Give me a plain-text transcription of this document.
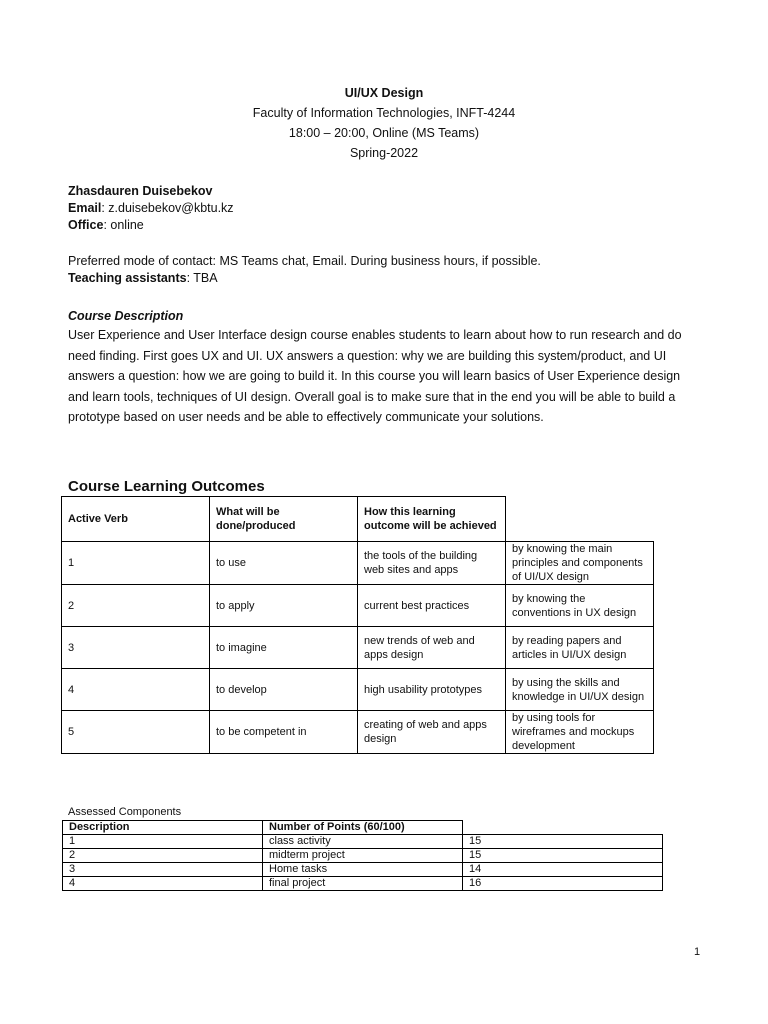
UI/UX Design
Faculty of Information Technologies, INFT-4244
18:00 – 20:00, Online (MS Teams)
Spring-2022
Zhasdauren Duisebekov
Email: z.duisebekov@kbtu.kz
Office: online
Preferred mode of contact: MS Teams chat, Email. During business hours, if possible.
Teaching assistants: TBA
Course Description
User Experience and User Interface design course enables students to learn about how to run research and do
need finding. First goes UX and UI. UX answers a question: why we are building this system/product, and UI
answers a question: how we are going to build it. In this course you will learn basics of User Experience design
and learn tools, techniques of UI design. Overall goal is to make sure that in the end you will be able to build a
prototype based on user needs and be able to effectively communicate your solutions.
Course Learning Outcomes
Active Verb	What will be done/produced	How this learning outcome will be achieved	
1	to use	the tools of the building web sites and apps	by knowing the main principles and components of UI/UX design
2	to apply	current best practices	by knowing the conventions in UX design
3	to imagine	new trends of web and apps design	by reading papers and articles in UI/UX design
4	to develop	high usability prototypes	by using the skills and knowledge in UI/UX design
5	to be competent in	creating of web and apps design	by using tools for wireframes and mockups development
Assessed Components
Description	Number of Points (60/100)	
1	class activity	15
2	midterm project	15
3	Home tasks	14
4	final project	16
1
